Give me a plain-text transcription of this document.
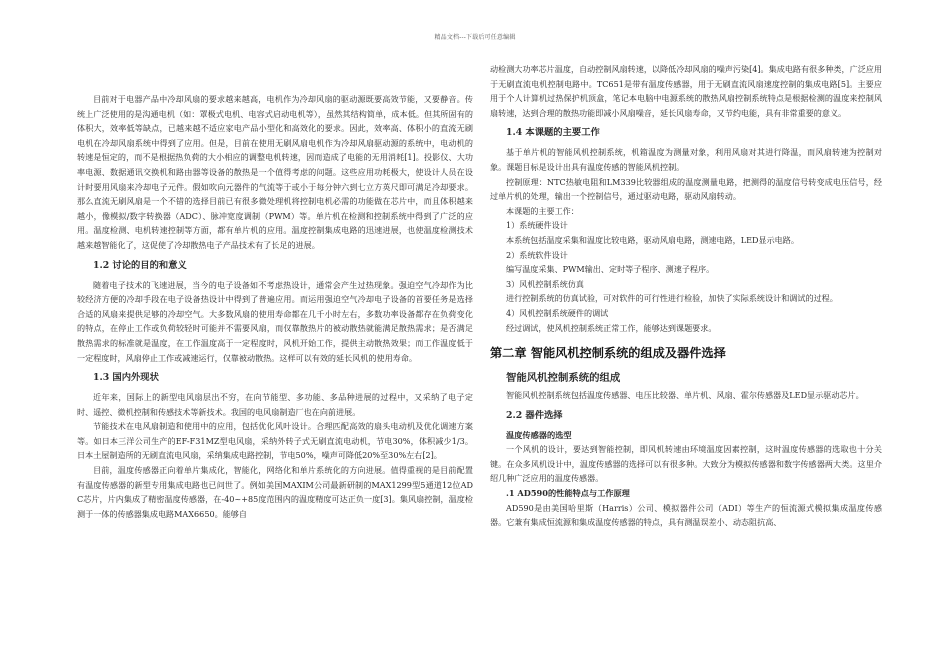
精品文档---下载后可任意编辑

目前对于电器产品中冷却风扇的要求越来越高，电机作为冷却风扇的驱动源既要高效节能，又要静音。传统上广泛使用的是沟通电机（如：罩极式电机、电容式启动电机等），虽然其结构简单，成本低。但其所固有的体积大，效率低等缺点，已越来越不适应家电产品小型化和高效化的要求。因此，效率高、体积小的直流无刷电机在冷却风扇系统中得到了应用。但是，目前在使用无刷风扇电机作为冷却风扇驱动源的系统中，电动机的转速是恒定的，而不是根据热负荷的大小相应的调整电机转速，因而造成了电能的无用消耗[1]。投影仪、大功率电源、数据通讯交换机和路由器等设备的散热是一个值得考虑的问题。这些应用功耗极大，使设计人员在设计时要用风扇来冷却电子元件。假如吹向元器件的气流等于或小于每分钟六到七立方英尺即可满足冷却要求。那么直流无刷风扇是一个不错的选择目前已有很多微处理机将控制电机必需的功能做在芯片中，而且体积越来越小，像模拟/数字转换器（ADC）、脉冲宽度调制（PWM）等。单片机在检测和控制系统中得到了广泛的应用。温度检测、电机转速控制等方面，都有单片机的应用。温度控制集成电路的迅速进展，也使温度检测技术越来越智能化了，这促使了冷却散热电子产品技术有了长足的进展。

1.2 讨论的目的和意义

随着电子技术的飞速进展，当今的电子设备如不考虑热设计，通常会产生过热现象。强迫空气冷却作为比较经济方便的冷却手段在电子设备热设计中得到了普遍应用。而运用强迫空气冷却电子设备的首要任务是选择合适的风扇来提供足够的冷却空气。大多数风扇的使用寿命都在几千小时左右，多数功率设备都存在负荷变化的特点，在停止工作或负荷较轻时可能并不需要风扇，而仅靠散热片的被动散热就能满足散热需求；是否满足散热需求的标准就是温度，在工作温度高于一定程度时，风机开始工作，提供主动散热效果；而工作温度低于一定程度时，风扇停止工作或减速运行，仅靠被动散热。这样可以有效的延长风机的使用寿命。

1.3 国内外现状

近年来，国际上的新型电风扇层出不穷，在向节能型、多功能、多品种进展的过程中，又采纳了电子定时、遥控、微机控制和传感技术等新技术。我国的电风扇制造厂也在向前进展。

节能技术在电风扇制造和使用中的应用，包括优化风叶设计。合理匹配高效的扇头电动机及优化调速方案等。如日本三洋公司生产的EF-F31MZ型电风扇，采纳外转子式无刷直流电动机，节电30%，体积减少1/3。日本土屋制造所的无刷直流电风扇，采纳集成电路控制，节电50%，噪声可降低20%至30%左右[2]。

目前，温度传感器正向着单片集成化，智能化，网络化和单片系统化的方向进展。值得重视的是目前配置有温度传感器的新型专用集成电路也已问世了。例如美国MAXIM公司最新研制的MAX1299型5通道12位ADC芯片，片内集成了精密温度传感器，在-40~+85度范围内的温度精度可达正负一度[3]。集风扇控制，温度检测于一体的传感器集成电路MAX6650。能够自

动检测大功率芯片温度，自动控制风扇转速，以降低冷却风扇的噪声污染[4]。集成电路有很多种类，广泛应用于无刷直流电机控制电路中。TC651是带有温度传感器，用于无刷直流风扇速度控制的集成电路[5]。主要应用于个人计算机过热保护机顶盒，笔记本电脑中电源系统的散热风扇控制系统特点是根据检测的温度来控制风扇转速，达到合理的散热功能即减小风扇噪音，延长风扇寿命，又节约电能，具有非常重要的意义。

1.4 本课题的主要工作

基于单片机的智能风机控制系统，机箱温度为测量对象，利用风扇对其进行降温，而风扇转速为控制对象。课题目标是设计出具有温度传感的智能风机控制。

控制原理：NTC热敏电阻和LM339比较器组成的温度测量电路，把测得的温度信号转变成电压信号，经过单片机的处理，输出一个控制信号，通过驱动电路，驱动风扇转动。

本课题的主要工作：

1）系统硬件设计

本系统包括温度采集和温度比较电路，驱动风扇电路，测速电路，LED显示电路。

2）系统软件设计

编写温度采集、PWM输出、定时等子程序、测速子程序。

3）风机控制系统仿真

进行控制系统的仿真试验，可对软件的可行性进行检验，加快了实际系统设计和调试的过程。

4）风机控制系统硬件的调试

经过调试，使风机控制系统正常工作，能够达到课题要求。

第二章 智能风机控制系统的组成及器件选择
智能风机控制系统的组成

智能风机控制系统包括温度传感器、电压比较器、单片机、风扇、霍尔传感器及LED显示驱动芯片。

2.2 器件选择
温度传感器的选型

一个风机的设计，要达到智能控制，即风机转速由环境温度因素控制，这时温度传感器的选取也十分关键。在众多风机设计中，温度传感器的选择可以有很多种。大致分为模拟传感器和数字传感器两大类。这里介绍几种广泛应用的温度传感器。

.1 AD590的性能特点与工作原理

AD590是由美国哈里斯（Harris）公司、模拟器件公司（ADI）等生产的恒流源式模拟集成温度传感器。它兼有集成恒流源和集成温度传感器的特点，具有测温误差小、动态阻抗高、
